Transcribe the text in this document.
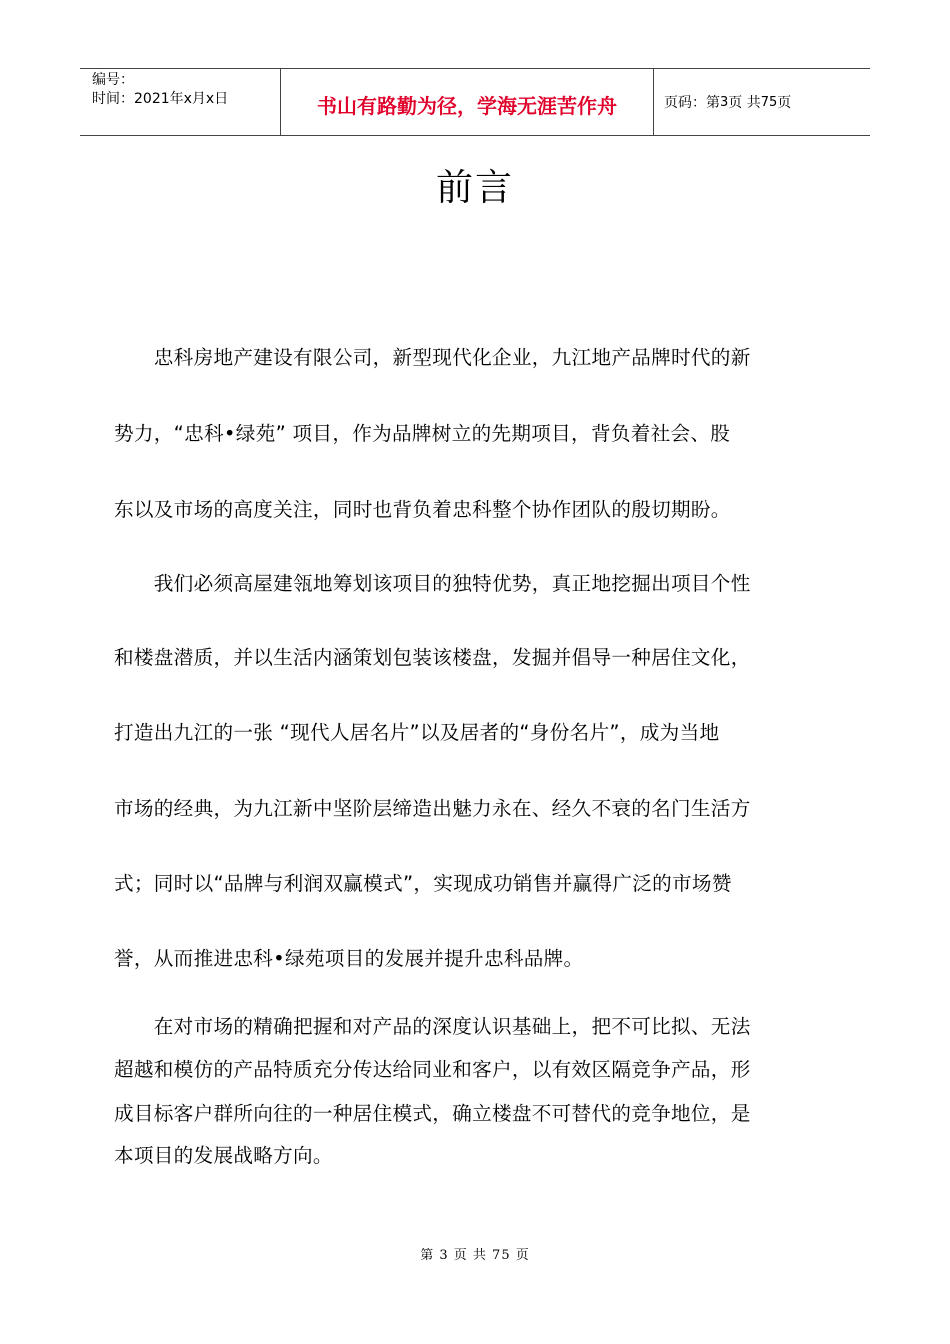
编号：
时间：2021年x月x日	书山有路勤为径，学海无涯苦作舟	页码：第 3 页 共 75 页
前言
　　忠科房地产建设有限公司，新型现代化企业，九江地产品牌时代的新
势力，“忠科•绿苑” 项目，作为品牌树立的先期项目，背负着社会、股
东以及市场的高度关注，同时也背负着忠科整个协作团队的殷切期盼。
　　我们必须高屋建瓴地筹划该项目的独特优势，真正地挖掘出项目个性
和楼盘潜质，并以生活内涵策划包装该楼盘，发掘并倡导一种居住文化，
打造出九江的一张 “现代人居名片”以及居者的“身份名片”，成为当地
市场的经典，为九江新中坚阶层缔造出魅力永在、经久不衰的名门生活方
式；同时以“品牌与利润双赢模式”，实现成功销售并赢得广泛的市场赞
誉，从而推进忠科•绿苑项目的发展并提升忠科品牌。
　　在对市场的精确把握和对产品的深度认识基础上，把不可比拟、无法
超越和模仿的产品特质充分传达给同业和客户，以有效区隔竞争产品，形
成目标客户群所向往的一种居住模式，确立楼盘不可替代的竞争地位，是
本项目的发展战略方向。
第 3 页 共 75 页
